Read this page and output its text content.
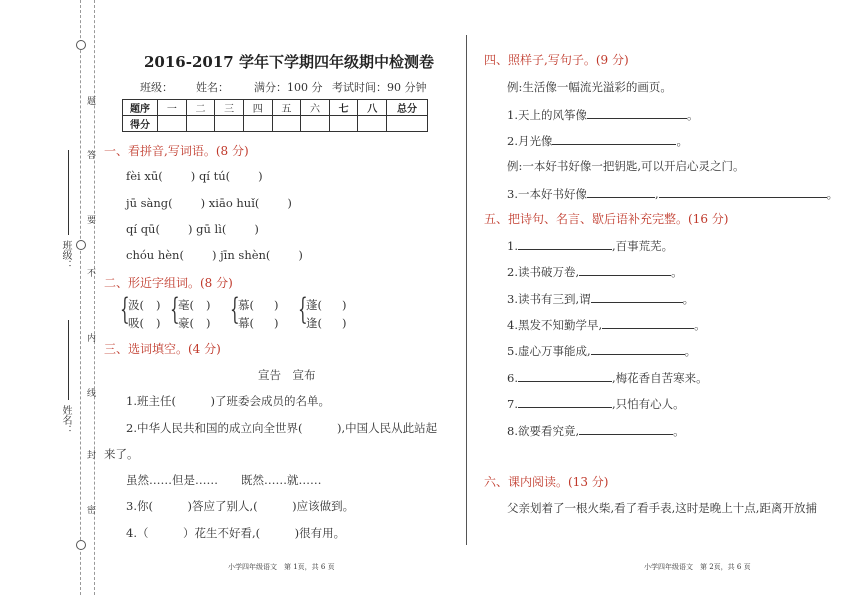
题
答
要
不
内
线
封
密
班级：
姓名：
2016-2017 学年下学期四年级期中检测卷
班级： 姓名： 满分：100 分 考试时间：90 分钟
题序	一	二	三	四	五	六	七	八	总分
得分									
一、看拼音,写词语。(8 分)
fèi xū( ) qí tú( )
jū sàng( ) xiāo huǐ( )
qí qū( ) gū lì( )
chóu hèn( ) jīn shèn( )
二、形近字组词。(8 分)
{
汲( )
吸( ) {
毫( )
豪( ) {
慕( )
幕( ) {
蓬( )
逢( )
三、选词填空。(4 分)
宣告　宣布
1.班主任(　　　)了班委会成员的名单。
2.中华人民共和国的成立向全世界(　　　),中国人民从此站起
来了。
虽然……但是……　　既然……就……
3.你(　　　)答应了别人,(　　　)应该做到。
4.（　　　）花生不好看,(　　　)很有用。
小学四年级语文　第 1页，共 6 页
四、照样子,写句子。(9 分)
例:生活像一幅流光溢彩的画页。
1.天上的风筝像	。
2.月光像	。
例:一本好书好像一把钥匙,可以开启心灵之门。
3.一本好书好像	,	。
五、把诗句、名言、歇后语补充完整。(16 分)
1.	,百事荒芜。
2.读书破万卷,	。
3.读书有三到,谓	。
4.黑发不知勤学早,	。
5.虚心万事能成,	。
6.	,梅花香自苦寒来。
7.	,只怕有心人。
8.欲要看究竟,	。
六、课内阅读。(13 分)
父亲划着了一根火柴,看了看手表,这时是晚上十点,距离开放捕
小学四年级语文　第 2页，共 6 页
